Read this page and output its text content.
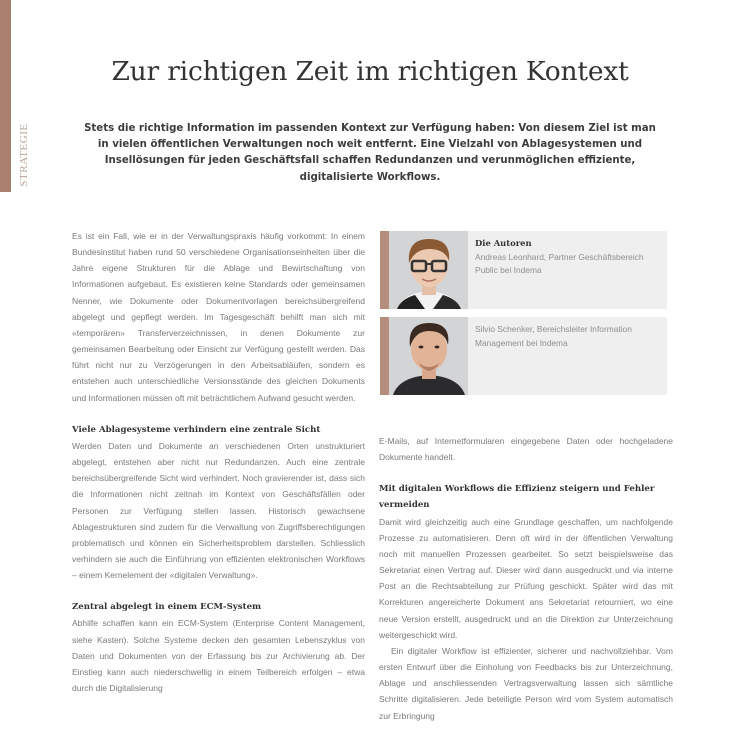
STRATEGIE
Zur richtigen Zeit im richtigen Kontext

Stets die richtige Information im passenden Kontext zur Verfügung haben: Von diesem Ziel ist man in vielen öffentlichen Verwaltungen noch weit entfernt. Eine Vielzahl von Ablagesystemen und Insellösungen für jeden Geschäftsfall schaffen Redundanzen und verunmöglichen effiziente, digitalisierte Workflows.

Es ist ein Fall, wie er in der Verwaltungspraxis häufig vorkommt: In einem Bundesinstitut haben rund 50 verschiedene Organisationseinheiten über die Jahre eigene Strukturen für die Ablage und Bewirtschaftung von Informationen aufgebaut. Es existieren keine Standards oder gemeinsamen Nenner, wie Dokumente oder Dokumentvorlagen bereichsübergreifend abgelegt und gepflegt werden. Im Tagesgeschäft behilft man sich mit «temporären» Transferverzeichnissen, in denen Dokumente zur gemeinsamen Bearbeitung oder Einsicht zur Verfügung gestellt werden. Das führt nicht nur zu Verzögerungen in den Arbeitsabläufen, sondern es entstehen auch unterschiedliche Versionsstände des gleichen Dokuments und Informationen müssen oft mit beträchtlichem Aufwand gesucht werden.

Viele Ablagesysteme verhindern eine zentrale Sicht

Werden Daten und Dokumente an verschiedenen Orten unstrukturiert abgelegt, entstehen aber nicht nur Redundanzen. Auch eine zentrale bereichsübergreifende Sicht wird verhindert. Noch gravierender ist, dass sich die Informationen nicht zeitnah im Kontext von Geschäftsfällen oder Personen zur Verfügung stellen lassen. Historisch gewachsene Ablagestrukturen sind zudem für die Verwaltung von Zugriffsberechtigungen problematisch und können ein Sicherheitsproblem darstellen. Schliesslich verhindern sie auch die Einführung von effizienten elektronischen Workflows – einem Kernelement der «digitalen Verwaltung».

Zentral abgelegt in einem ECM-System

Abhilfe schaffen kann ein ECM-System (Enterprise Content Management, siehe Kasten). Solche Systeme decken den gesamten Lebenszyklus von Daten und Dokumenten von der Erfassung bis zur Archivierung ab. Der Einstieg kann auch niederschwellig in einem Teilbereich erfolgen – etwa durch die Digitalisierung

Die Autoren
Andreas Leonhard, Partner Geschäftsbereich Public bei Indema
Silvio Schenker, Bereichsleiter Information Management bei Indema

E-Mails, auf Internetformularen eingegebene Daten oder hochgeladene Dokumente handelt.

Mit digitalen Workflows die Effizienz steigern und Fehler vermeiden

Damit wird gleichzeitig auch eine Grundlage geschaffen, um nachfolgende Prozesse zu automatisieren. Denn oft wird in der öffentlichen Verwaltung noch mit manuellen Prozessen gearbeitet. So setzt beispielsweise das Sekretariat einen Vertrag auf. Dieser wird dann ausgedruckt und via interne Post an die Rechtsabteilung zur Prüfung geschickt. Später wird das mit Korrekturen angereicherte Dokument ans Sekretariat retourniert, wo eine neue Version erstellt, ausgedruckt und an die Direktion zur Unterzeichnung weitergeschickt wird.

Ein digitaler Workflow ist effizienter, sicherer und nachvollziehbar. Vom ersten Entwurf über die Einholung von Feedbacks bis zur Unterzeichnung, Ablage und anschliessenden Vertragsverwaltung lassen sich sämtliche Schritte digitalisieren. Jede beteiligte Person wird vom System automatisch zur Erbringung
